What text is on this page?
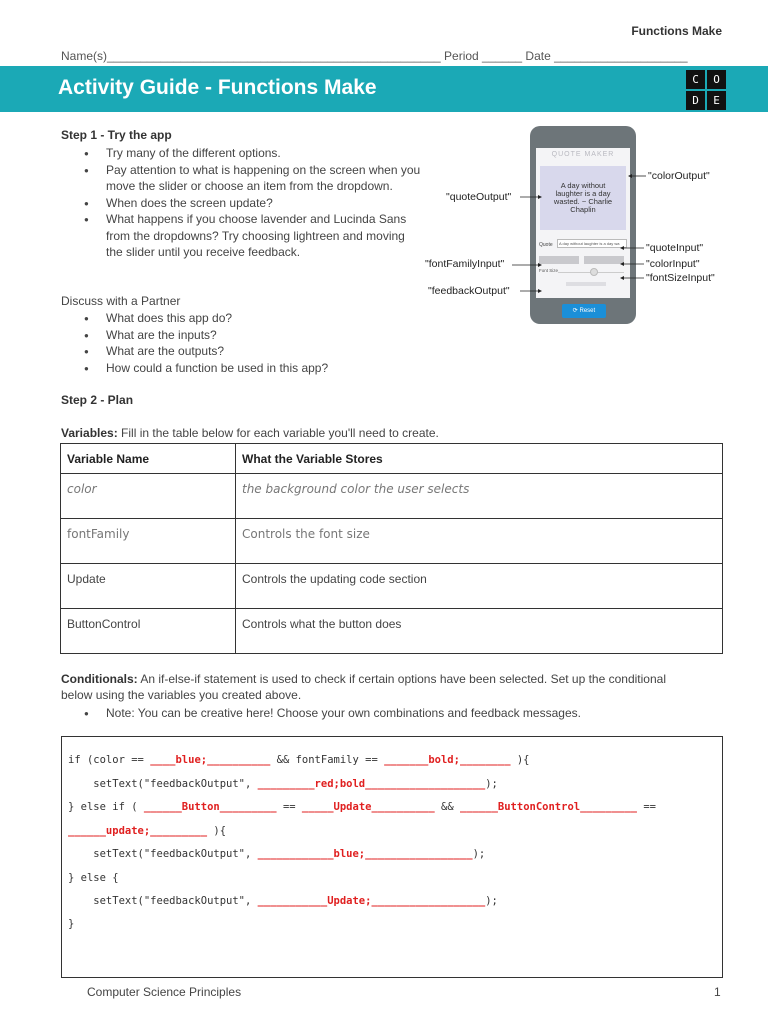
Functions Make
Name(s)__________________________________________________ Period ______ Date ____________________
Activity Guide - Functions Make	C	O
D	E
Step 1 - Try the app
● Try many of the different options.
● Pay attention to what is happening on the screen when you move the slider or choose an item from the dropdown.
● When does the screen update?
● What happens if you choose lavender and Lucinda Sans from the dropdowns? Try choosing lightreen and moving the slider until you receive feedback.
Discuss with a Partner
● What does this app do?
● What are the inputs?
● What are the outputs?
● How could a function be used in this app?
QUOTE MAKER
A day without laughter is a day wasted. ~ Charlie Chaplin
Quote	A day without laughter is a day wa
Font Size
⟳ Reset
"colorOutput"
"quoteOutput"
"quoteInput"
"fontFamilyInput"	"colorInput"
"fontSizeInput"
"feedbackOutput"
Step 2 - Plan
Variables: Fill in the table below for each variable you'll need to create.
Variable Name	What the Variable Stores
color	the background color the user selects
fontFamily	Controls the font size
Update	Controls the updating code section
ButtonControl	Controls what the button does
Conditionals: An if-else-if statement is used to check if certain options have been selected. Set up the conditional
below using the variables you created above.
● Note: You can be creative here! Choose your own combinations and feedback messages.
if (color == ____blue;__________ && fontFamily == _______bold;________ ){
setText("feedbackOutput", _________red;bold___________________);
} else if ( ______Button_________ == _____Update__________ && ______ButtonControl_________ ==
______update;_________ ){
setText("feedbackOutput", ____________blue;_________________);
} else {
setText("feedbackOutput", ___________Update;__________________);
}
Computer Science Principles	1
